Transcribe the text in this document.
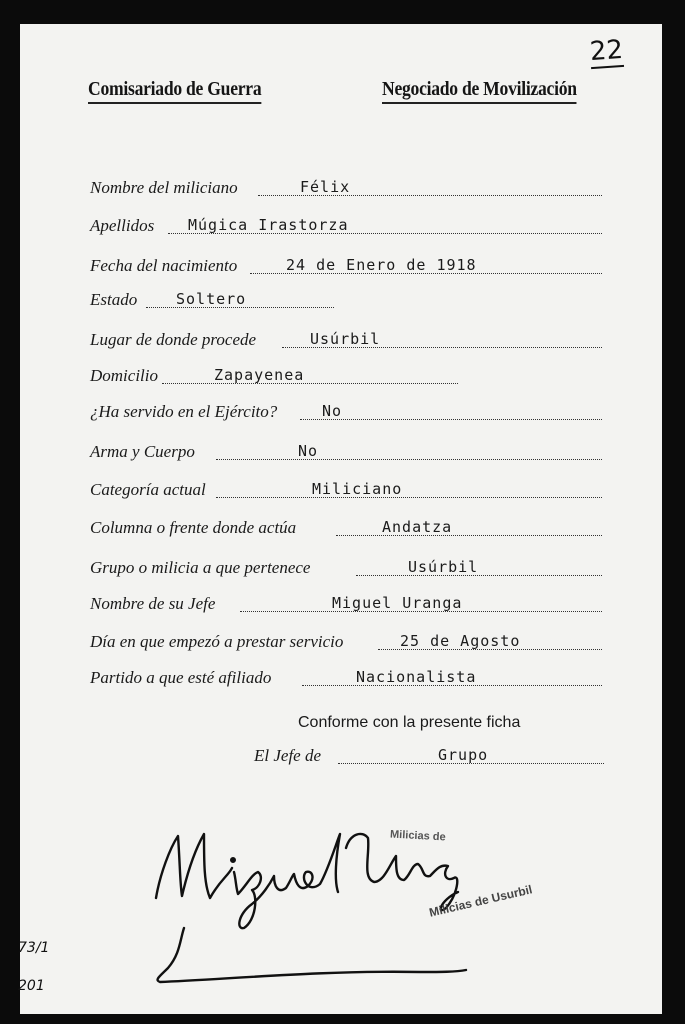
22
Comisariado de Guerra	Negociado de Movilización
Nombre del miliciano	Félix
Apellidos Múgica Irastorza
Fecha del nacimiento	24 de Enero de 1918
Estado	Soltero
Lugar de donde procede	Usúrbil
Domicilio	Zapayenea
¿Ha servido en el Ejército?	No
Arma y Cuerpo	No
Categoría actual	Miliciano
Columna o frente donde actúa	Andatza
Grupo o milicia a que pertenece	Usúrbil
Nombre de su Jefe	Miguel Uranga
Día en que empezó a prestar servicio	25 de Agosto
Partido a que esté afiliado	Nacionalista
Conforme con la presente ficha
El Jefe de	Grupo
Milicias de
Milicias de Usurbil
73/1
201
